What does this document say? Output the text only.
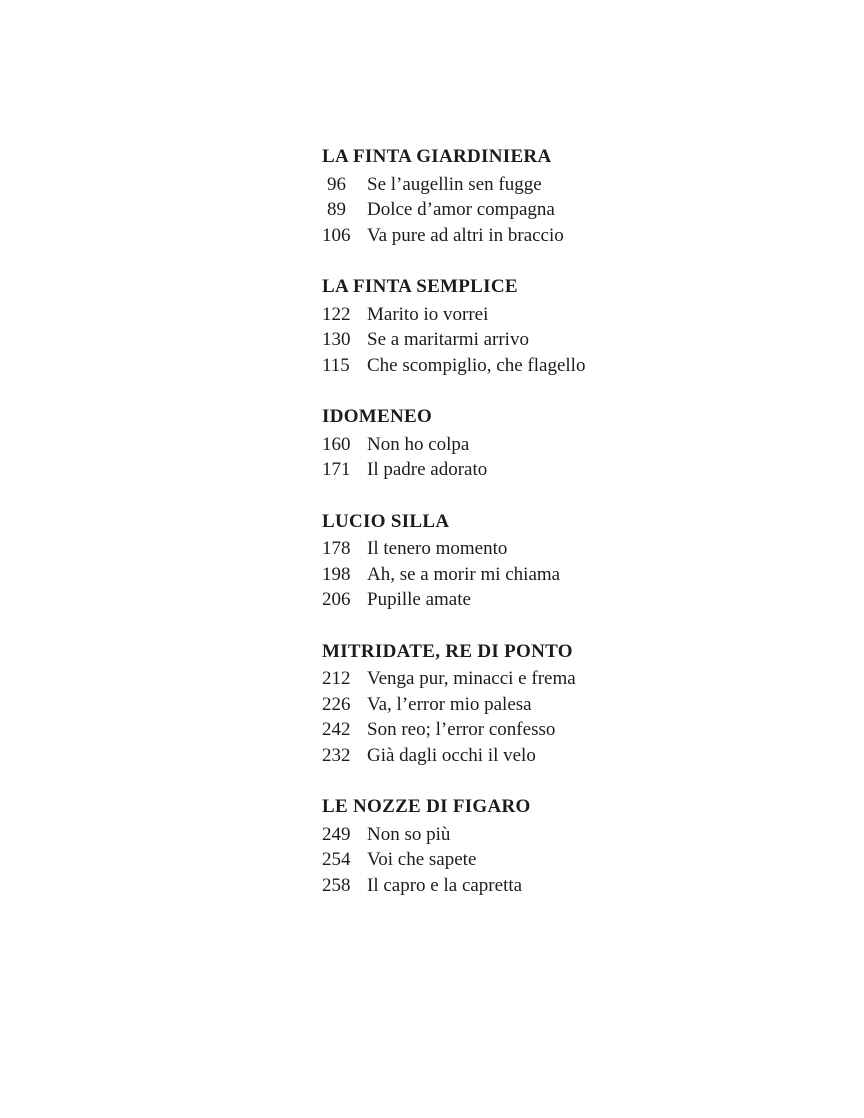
LA FINTA GIARDINIERA
96 Se l’augellin sen fugge
89 Dolce d’amor compagna
106 Va pure ad altri in braccio
LA FINTA SEMPLICE
122 Marito io vorrei
130 Se a maritarmi arrivo
115 Che scompiglio, che flagello
IDOMENEO
160 Non ho colpa
171 Il padre adorato
LUCIO SILLA
178 Il tenero momento
198 Ah, se a morir mi chiama
206 Pupille amate
MITRIDATE, RE DI PONTO
212 Venga pur, minacci e frema
226 Va, l’error mio palesa
242 Son reo; l’error confesso
232 Già dagli occhi il velo
LE NOZZE DI FIGARO
249 Non so più
254 Voi che sapete
258 Il capro e la capretta
